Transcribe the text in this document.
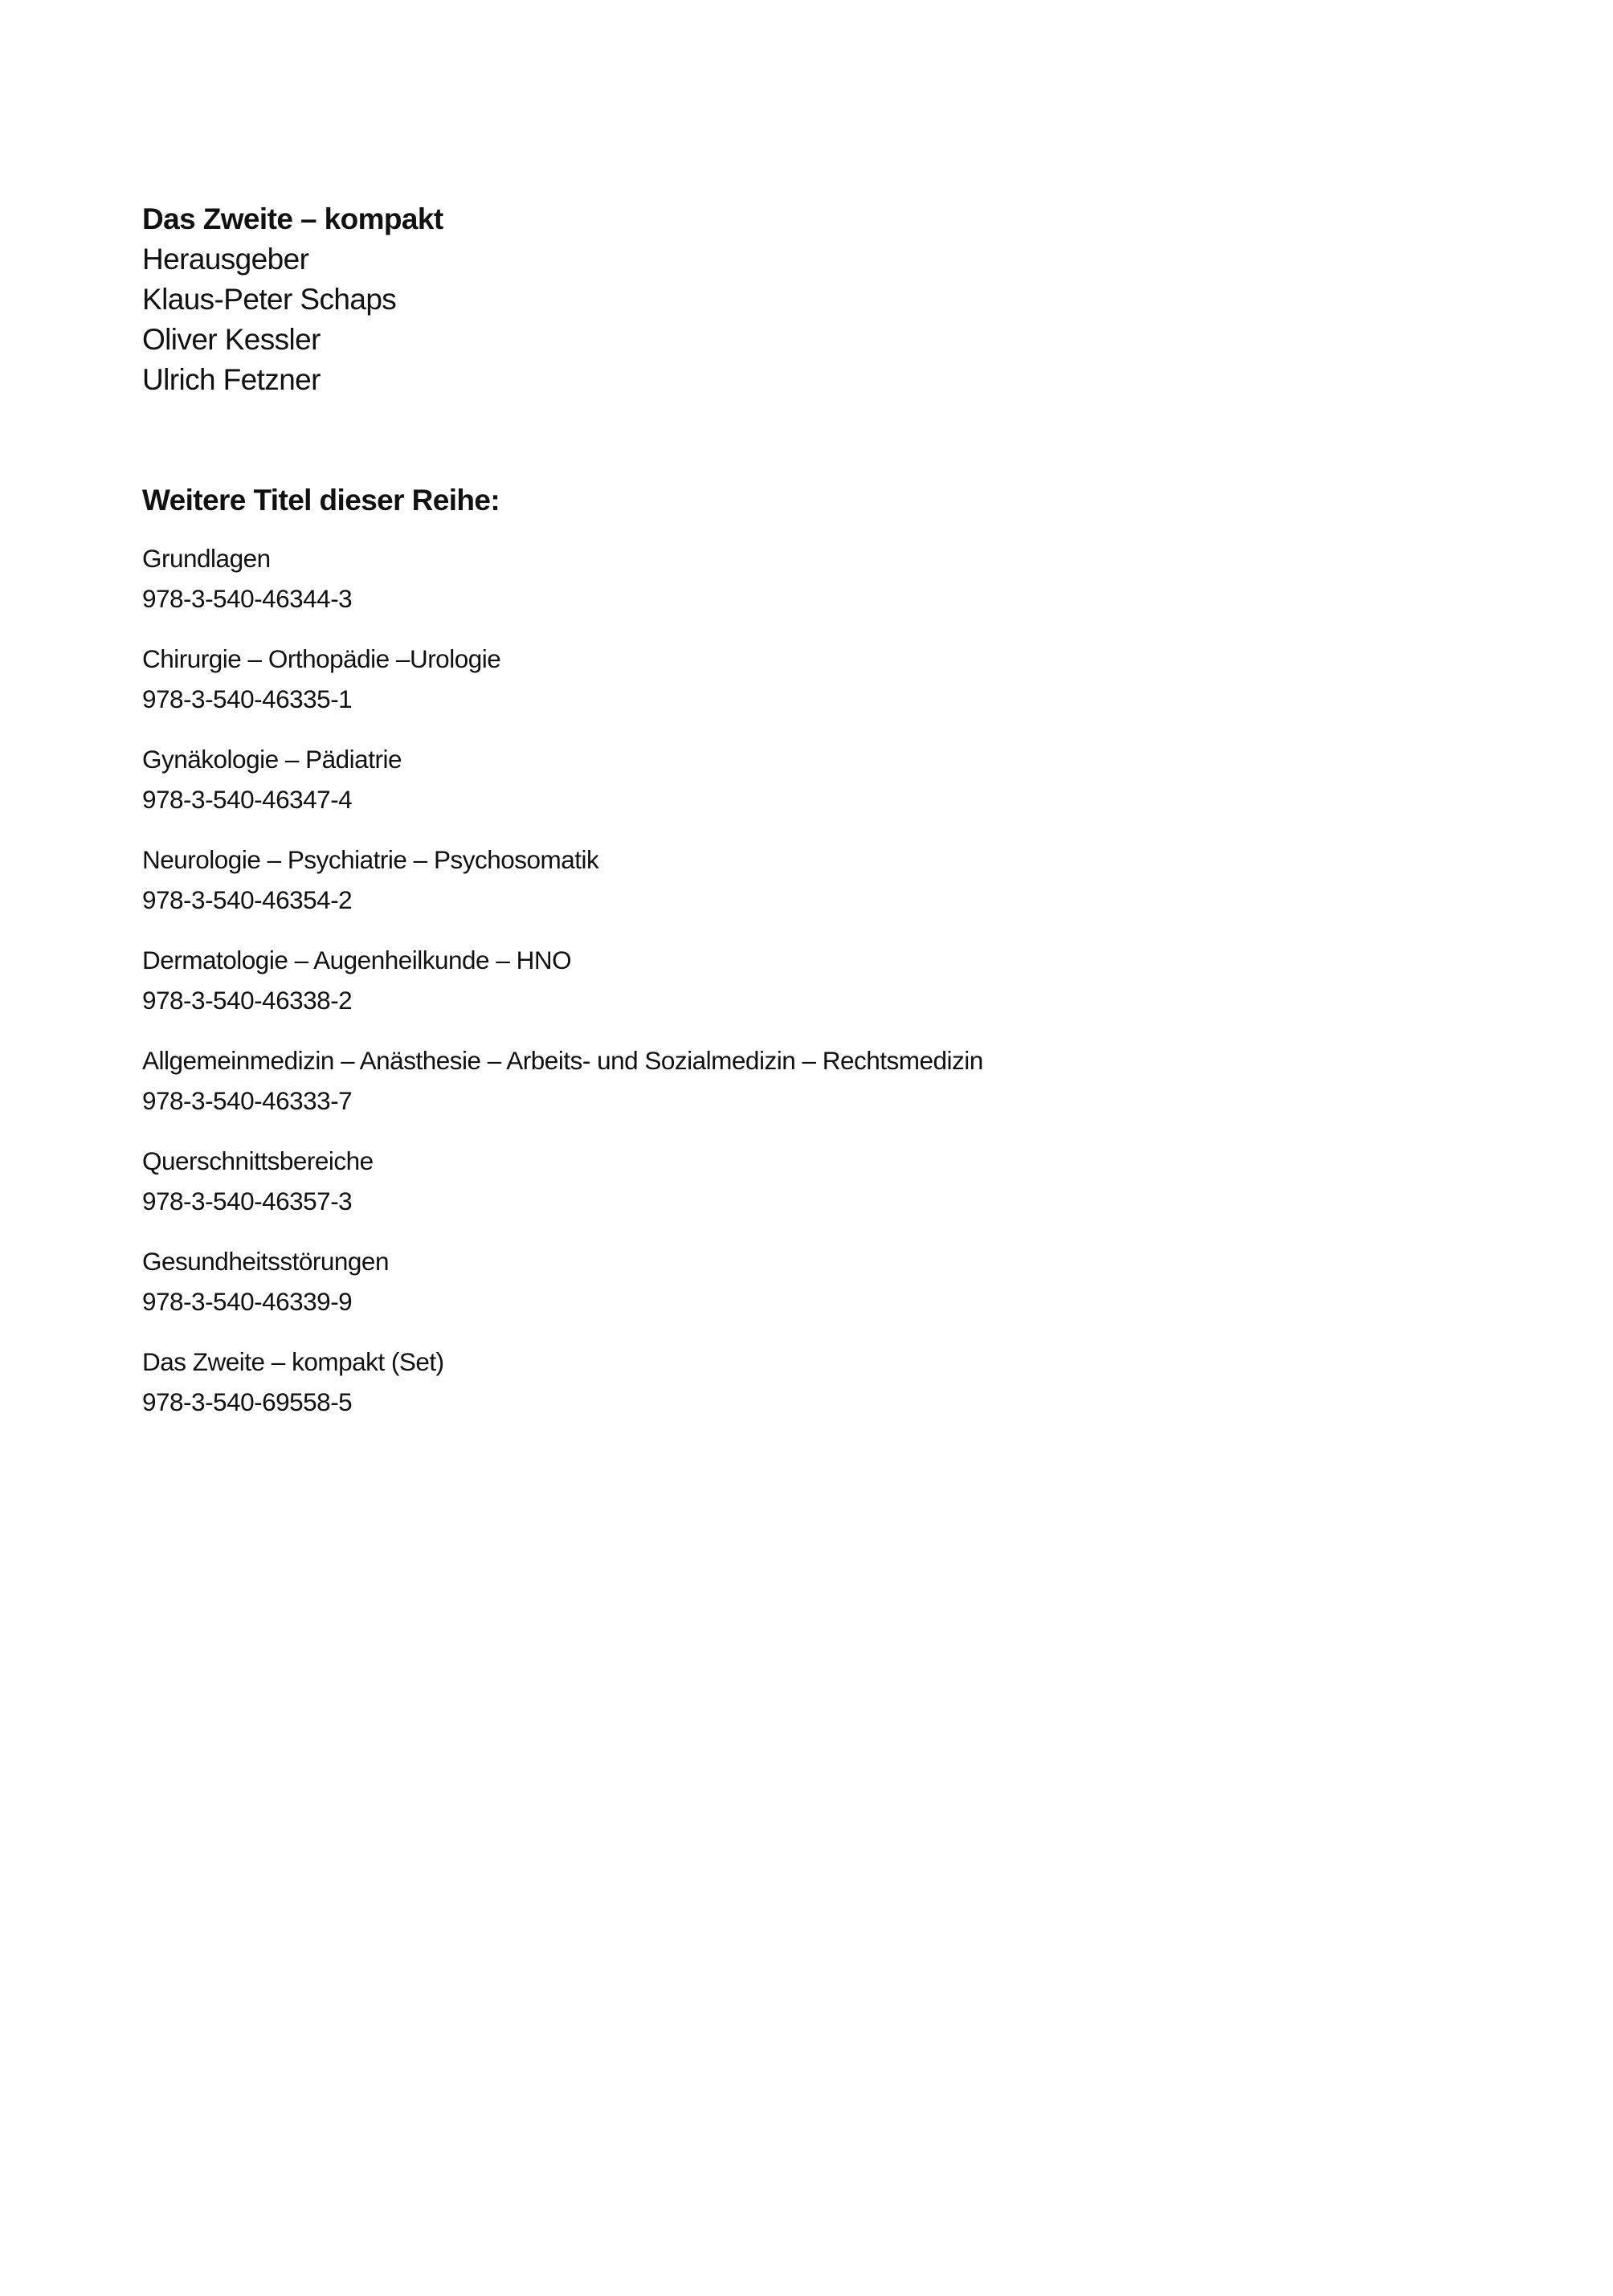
Das Zweite – kompakt
Herausgeber
Klaus-Peter Schaps
Oliver Kessler
Ulrich Fetzner
Weitere Titel dieser Reihe:
Grundlagen
978-3-540-46344-3
Chirurgie – Orthopädie –Urologie
978-3-540-46335-1
Gynäkologie – Pädiatrie
978-3-540-46347-4
Neurologie – Psychiatrie – Psychosomatik
978-3-540-46354-2
Dermatologie – Augenheilkunde – HNO
978-3-540-46338-2
Allgemeinmedizin – Anästhesie – Arbeits- und Sozialmedizin – Rechtsmedizin
978-3-540-46333-7
Querschnittsbereiche
978-3-540-46357-3
Gesundheitsstörungen
978-3-540-46339-9
Das Zweite – kompakt (Set)
978-3-540-69558-5
